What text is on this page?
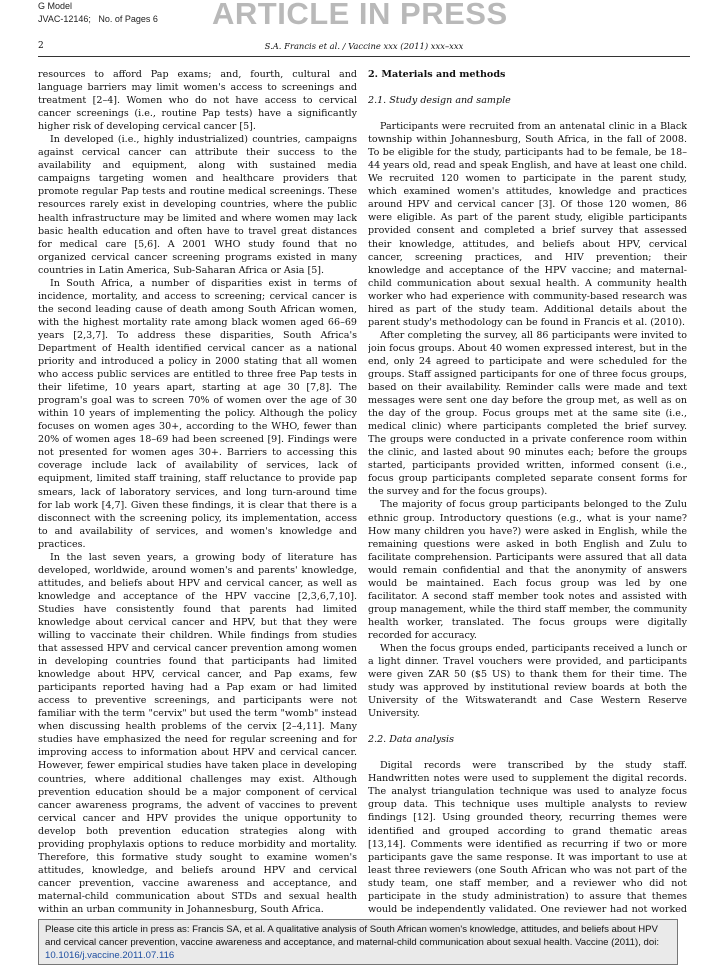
G Model
JVAC-12146; No. of Pages 6 ARTICLE IN PRESS
2	S.A. Francis et al. / Vaccine xxx (2011) xxx–xxx

resources to afford Pap exams; and, fourth, cultural and language barriers may limit women's access to screenings and treatment [2–4]. Women who do not have access to cervical cancer screenings (i.e., routine Pap tests) have a significantly higher risk of developing cervical cancer [5].

In developed (i.e., highly industrialized) countries, campaigns against cervical cancer can attribute their success to the availability and equipment, along with sustained media campaigns targeting women and healthcare providers that promote regular Pap tests and routine medical screenings. These resources rarely exist in developing countries, where the public health infrastructure may be limited and where women may lack basic health education and often have to travel great distances for medical care [5,6]. A 2001 WHO study found that no organized cervical cancer screening programs existed in many countries in Latin America, Sub-Saharan Africa or Asia [5].

In South Africa, a number of disparities exist in terms of incidence, mortality, and access to screening; cervical cancer is the second leading cause of death among South African women, with the highest mortality rate among black women aged 66–69 years [2,3,7]. To address these disparities, South Africa's Department of Health identified cervical cancer as a national priority and introduced a policy in 2000 stating that all women who access public services are entitled to three free Pap tests in their lifetime, 10 years apart, starting at age 30 [7,8]. The program's goal was to screen 70% of women over the age of 30 within 10 years of implementing the policy. Although the policy focuses on women ages 30+, according to the WHO, fewer than 20% of women ages 18–69 had been screened [9]. Findings were not presented for women ages 30+. Barriers to accessing this coverage include lack of availability of services, lack of equipment, limited staff training, staff reluctance to provide pap smears, lack of laboratory services, and long turn-around time for lab work [4,7]. Given these findings, it is clear that there is a disconnect with the screening policy, its implementation, access to and availability of services, and women's knowledge and practices.

In the last seven years, a growing body of literature has developed, worldwide, around women's and parents' knowledge, attitudes, and beliefs about HPV and cervical cancer, as well as knowledge and acceptance of the HPV vaccine [2,3,6,7,10]. Studies have consistently found that parents had limited knowledge about cervical cancer and HPV, but that they were willing to vaccinate their children. While findings from studies that assessed HPV and cervical cancer prevention among women in developing countries found that participants had limited knowledge about HPV, cervical cancer, and Pap exams, few participants reported having had a Pap exam or had limited access to preventive screenings, and participants were not familiar with the term "cervix" but used the term "womb" instead when discussing health problems of the cervix [2–4,11]. Many studies have emphasized the need for regular screening and for improving access to information about HPV and cervical cancer. However, fewer empirical studies have taken place in developing countries, where additional challenges may exist. Although prevention education should be a major component of cervical cancer awareness programs, the advent of vaccines to prevent cervical cancer and HPV provides the unique opportunity to develop both prevention education strategies along with providing prophylaxis options to reduce morbidity and mortality. Therefore, this formative study sought to examine women's attitudes, knowledge, and beliefs around HPV and cervical cancer prevention, vaccine awareness and acceptance, and maternal-child communication about STDs and sexual health within an urban community in Johannesburg, South Africa.

2. Materials and methods
2.1. Study design and sample

Participants were recruited from an antenatal clinic in a Black township within Johannesburg, South Africa, in the fall of 2008. To be eligible for the study, participants had to be female, be 18–44 years old, read and speak English, and have at least one child. We recruited 120 women to participate in the parent study, which examined women's attitudes, knowledge and practices around HPV and cervical cancer [3]. Of those 120 women, 86 were eligible. As part of the parent study, eligible participants provided consent and completed a brief survey that assessed their knowledge, attitudes, and beliefs about HPV, cervical cancer, screening practices, and HIV prevention; their knowledge and acceptance of the HPV vaccine; and maternal-child communication about sexual health. A community health worker who had experience with community-based research was hired as part of the study team. Additional details about the parent study's methodology can be found in Francis et al. (2010).

After completing the survey, all 86 participants were invited to join focus groups. About 40 women expressed interest, but in the end, only 24 agreed to participate and were scheduled for the groups. Staff assigned participants for one of three focus groups, based on their availability. Reminder calls were made and text messages were sent one day before the group met, as well as on the day of the group. Focus groups met at the same site (i.e., medical clinic) where participants completed the brief survey. The groups were conducted in a private conference room within the clinic, and lasted about 90 minutes each; before the groups started, participants provided written, informed consent (i.e., focus group participants completed separate consent forms for the survey and for the focus groups).

The majority of focus group participants belonged to the Zulu ethnic group. Introductory questions (e.g., what is your name? How many children you have?) were asked in English, while the remaining questions were asked in both English and Zulu to facilitate comprehension. Participants were assured that all data would remain confidential and that the anonymity of answers would be maintained. Each focus group was led by one facilitator. A second staff member took notes and assisted with group management, while the third staff member, the community health worker, translated. The focus groups were digitally recorded for accuracy.

When the focus groups ended, participants received a lunch or a light dinner. Travel vouchers were provided, and participants were given ZAR 50 ($5 US) to thank them for their time. The study was approved by institutional review boards at both the University of the Witswaterandt and Case Western Reserve University.

2.2. Data analysis

Digital records were transcribed by the study staff. Handwritten notes were used to supplement the digital records. The analyst triangulation technique was used to analyze focus group data. This technique uses multiple analysts to review findings [12]. Using grounded theory, recurring themes were identified and grouped according to grand thematic areas [13,14]. Comments were identified as recurring if two or more participants gave the same response. It was important to use at least three reviewers (one South African who was not part of the study team, one staff member, and a reviewer who did not participate in the study administration) to assure that themes would be independently validated. One reviewer had not worked

Please cite this article in press as: Francis SA, et al. A qualitative analysis of South African women's knowledge, attitudes, and beliefs about HPV and cervical cancer prevention, vaccine awareness and acceptance, and maternal-child communication about sexual health. Vaccine (2011), doi: 10.1016/j.vaccine.2011.07.116
